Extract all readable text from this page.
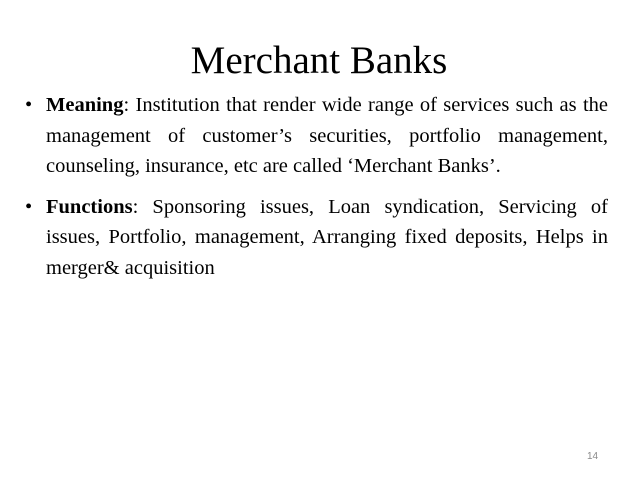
Merchant Banks
• Meaning: Institution that render wide range of services such as the management of customer’s securities, portfolio management, counseling, insurance, etc are called ‘Merchant Banks’.
• Functions: Sponsoring issues, Loan syndication, Servicing of issues, Portfolio, management, Arranging fixed deposits, Helps in merger& acquisition
14
